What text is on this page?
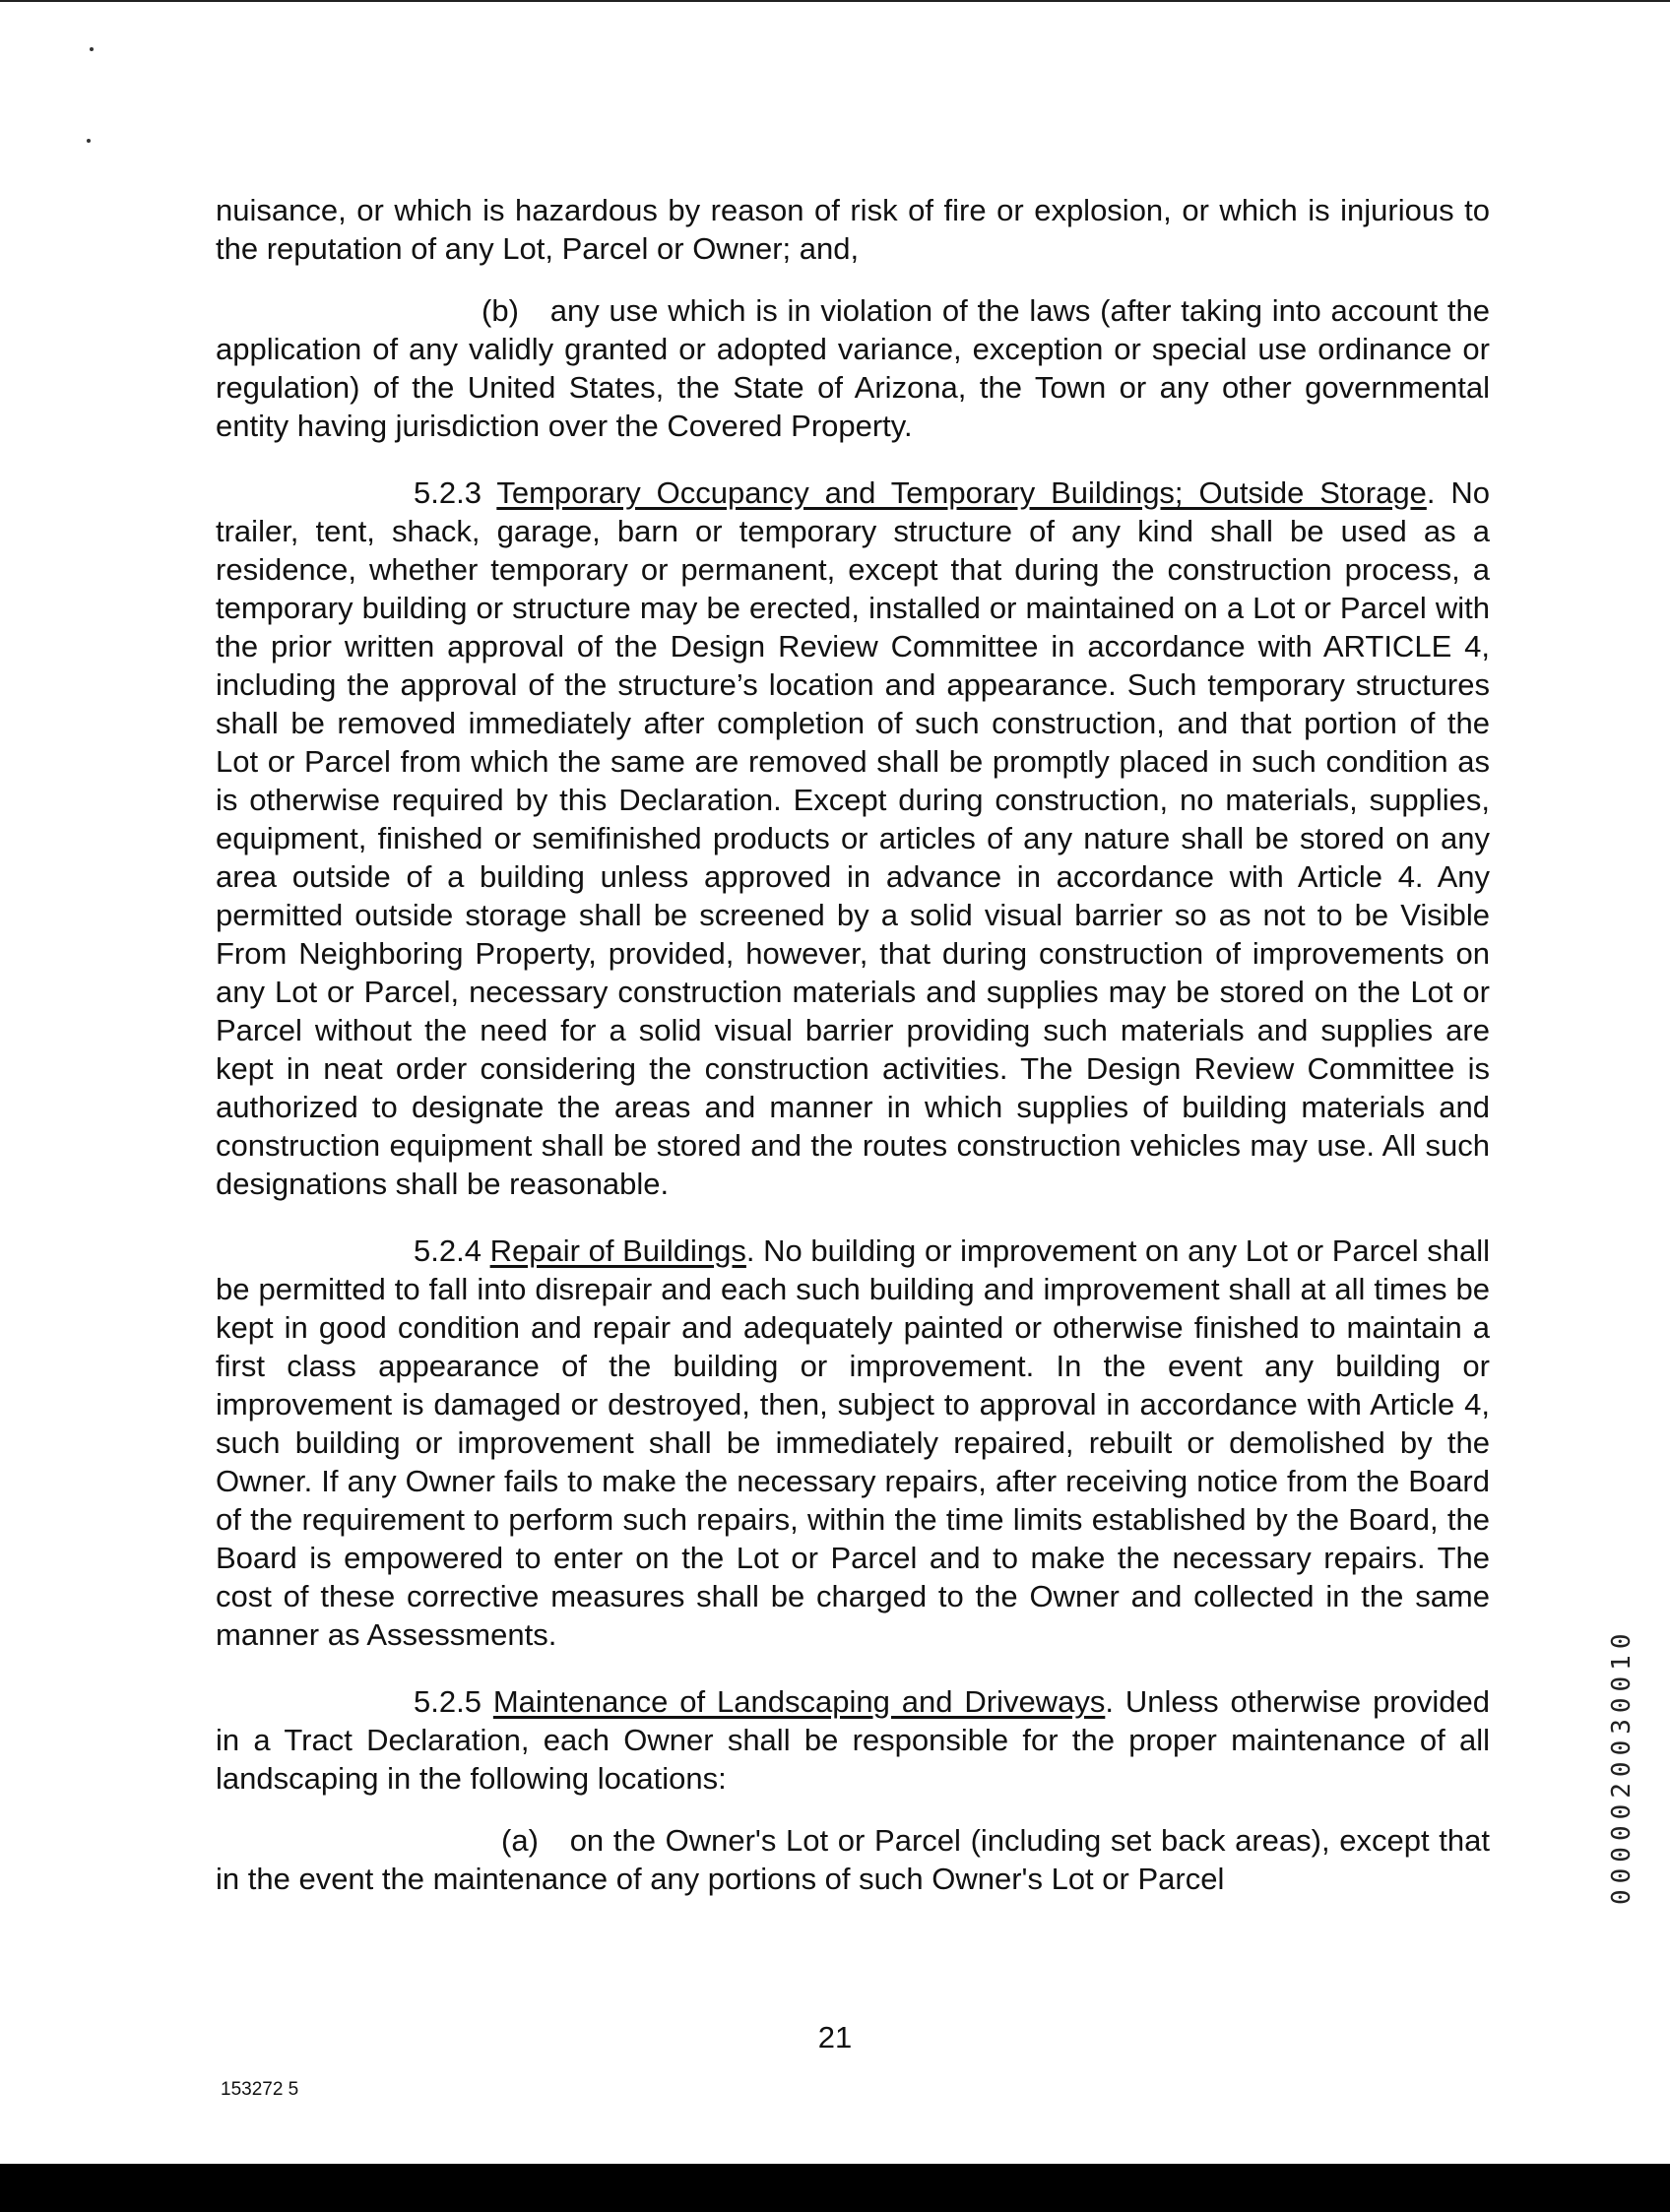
nuisance, or which is hazardous by reason of risk of fire or explosion, or which is injurious to the reputation of any Lot, Parcel or Owner; and,

(b) any use which is in violation of the laws (after taking into account the application of any validly granted or adopted variance, exception or special use ordinance or regulation) of the United States, the State of Arizona, the Town or any other governmental entity having jurisdiction over the Covered Property.

5.2.3 Temporary Occupancy and Temporary Buildings; Outside Storage. No trailer, tent, shack, garage, barn or temporary structure of any kind shall be used as a residence, whether temporary or permanent, except that during the construction process, a temporary building or structure may be erected, installed or maintained on a Lot or Parcel with the prior written approval of the Design Review Committee in accordance with ARTICLE 4, including the approval of the structure’s location and appearance. Such temporary structures shall be removed immediately after completion of such construction, and that portion of the Lot or Parcel from which the same are removed shall be promptly placed in such condition as is otherwise required by this Declaration. Except during construction, no materials, supplies, equipment, finished or semifinished products or articles of any nature shall be stored on any area outside of a building unless approved in advance in accordance with Article 4. Any permitted outside storage shall be screened by a solid visual barrier so as not to be Visible From Neighboring Property, provided, however, that during construction of improvements on any Lot or Parcel, necessary construction materials and supplies may be stored on the Lot or Parcel without the need for a solid visual barrier providing such materials and supplies are kept in neat order considering the construction activities. The Design Review Committee is authorized to designate the areas and manner in which supplies of building materials and construction equipment shall be stored and the routes construction vehicles may use. All such designations shall be reasonable.

5.2.4 Repair of Buildings. No building or improvement on any Lot or Parcel shall be permitted to fall into disrepair and each such building and improvement shall at all times be kept in good condition and repair and adequately painted or otherwise finished to maintain a first class appearance of the building or improvement. In the event any building or improvement is damaged or destroyed, then, subject to approval in accordance with Article 4, such building or improvement shall be immediately repaired, rebuilt or demolished by the Owner. If any Owner fails to make the necessary repairs, after receiving notice from the Board of the requirement to perform such repairs, within the time limits established by the Board, the Board is empowered to enter on the Lot or Parcel and to make the necessary repairs. The cost of these corrective measures shall be charged to the Owner and collected in the same manner as Assessments.

5.2.5 Maintenance of Landscaping and Driveways. Unless otherwise provided in a Tract Declaration, each Owner shall be responsible for the proper maintenance of all landscaping in the following locations:

(a) on the Owner's Lot or Parcel (including set back areas), except that in the event the maintenance of any portions of such Owner's Lot or Parcel

21
153272 5
0000020030010
